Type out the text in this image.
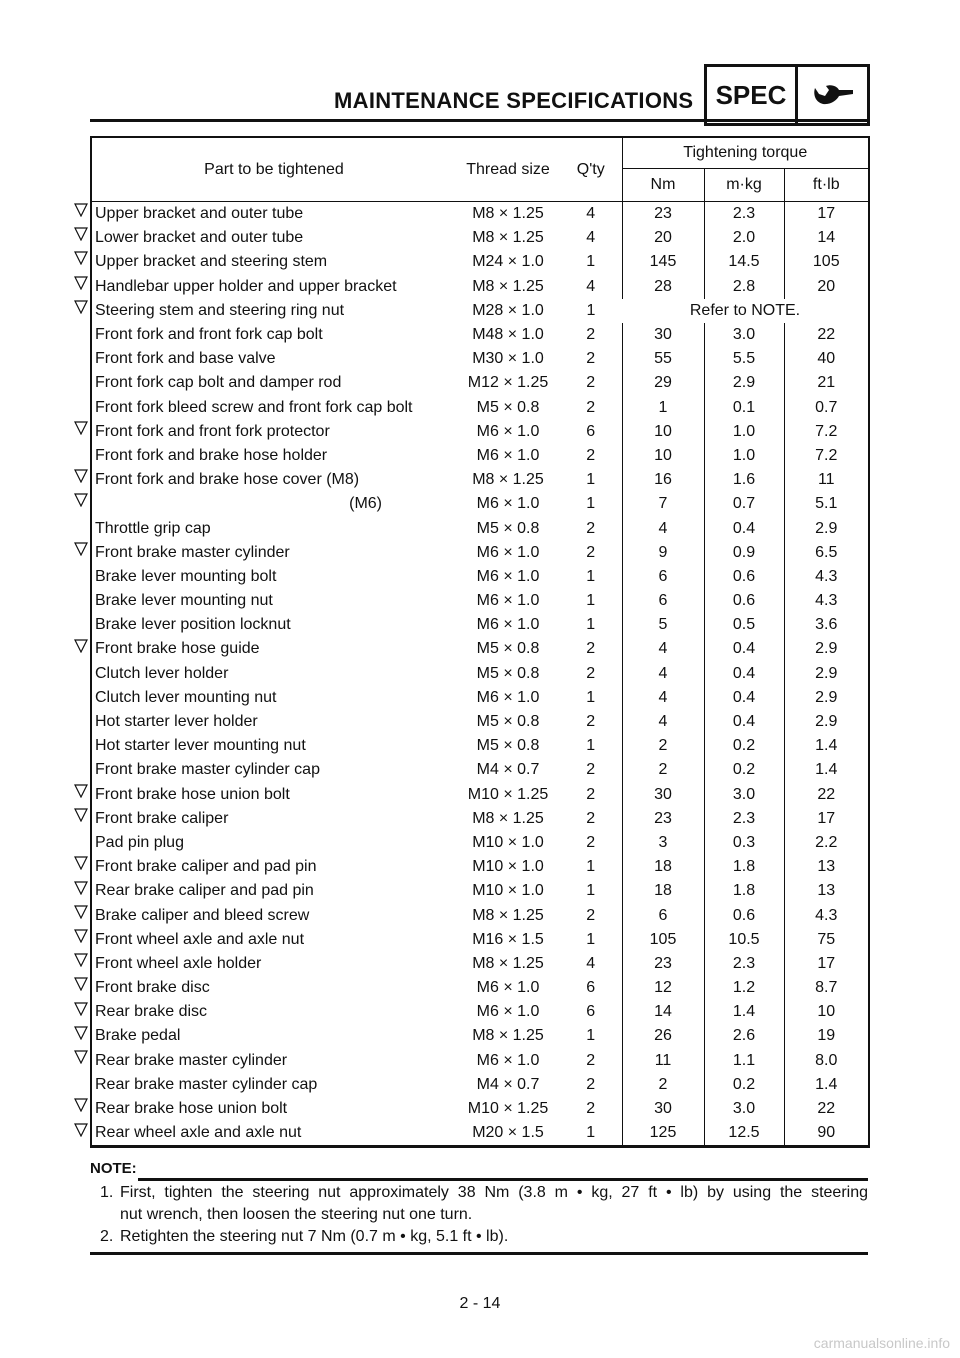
MAINTENANCE SPECIFICATIONS SPEC
Part to be tightened	Thread size	Q'ty	Tightening torque		
			Nm	m·kg	ft·lb
Upper bracket and outer tube	M8 × 1.25	4	23	2.3	17
Lower bracket and outer tube	M8 × 1.25	4	20	2.0	14
Upper bracket and steering stem	M24 × 1.0	1	145	14.5	105
Handlebar upper holder and upper bracket	M8 × 1.25	4	28	2.8	20
Steering stem and steering ring nut	M28 × 1.0	1	Refer to NOTE.		
Front fork and front fork cap bolt	M48 × 1.0	2	30	3.0	22
Front fork and base valve	M30 × 1.0	2	55	5.5	40
Front fork cap bolt and damper rod	M12 × 1.25	2	29	2.9	21
Front fork bleed screw and front fork cap bolt	M5 × 0.8	2	1	0.1	0.7
Front fork and front fork protector	M6 × 1.0	6	10	1.0	7.2
Front fork and brake hose holder	M6 × 1.0	2	10	1.0	7.2
Front fork and brake hose cover (M8)	M8 × 1.25	1	16	1.6	11

(M6)	M6 × 1.0	1	7	0.7	5.1
Throttle grip cap	M5 × 0.8	2	4	0.4	2.9
Front brake master cylinder	M6 × 1.0	2	9	0.9	6.5
Brake lever mounting bolt	M6 × 1.0	1	6	0.6	4.3
Brake lever mounting nut	M6 × 1.0	1	6	0.6	4.3
Brake lever position locknut	M6 × 1.0	1	5	0.5	3.6
Front brake hose guide	M5 × 0.8	2	4	0.4	2.9
Clutch lever holder	M5 × 0.8	2	4	0.4	2.9
Clutch lever mounting nut	M6 × 1.0	1	4	0.4	2.9
Hot starter lever holder	M5 × 0.8	2	4	0.4	2.9
Hot starter lever mounting nut	M5 × 0.8	1	2	0.2	1.4
Front brake master cylinder cap	M4 × 0.7	2	2	0.2	1.4
Front brake hose union bolt	M10 × 1.25	2	30	3.0	22
Front brake caliper	M8 × 1.25	2	23	2.3	17
Pad pin plug	M10 × 1.0	2	3	0.3	2.2
Front brake caliper and pad pin	M10 × 1.0	1	18	1.8	13
Rear brake caliper and pad pin	M10 × 1.0	1	18	1.8	13
Brake caliper and bleed screw	M8 × 1.25	2	6	0.6	4.3
Front wheel axle and axle nut	M16 × 1.5	1	105	10.5	75
Front wheel axle holder	M8 × 1.25	4	23	2.3	17
Front brake disc	M6 × 1.0	6	12	1.2	8.7
Rear brake disc	M6 × 1.0	6	14	1.4	10
Brake pedal	M8 × 1.25	1	26	2.6	19
Rear brake master cylinder	M6 × 1.0	2	11	1.1	8.0
Rear brake master cylinder cap	M4 × 0.7	2	2	0.2	1.4
Rear brake hose union bolt	M10 × 1.25	2	30	3.0	22
Rear wheel axle and axle nut	M20 × 1.5	1	125	12.5	90
NOTE:
1. First, tighten the steering nut approximately 38 Nm (3.8 m • kg, 27 ft • lb) by using the steering
nut wrench, then loosen the steering nut one turn.
2. Retighten the steering nut 7 Nm (0.7 m • kg, 5.1 ft • lb).
2 - 14
carmanualsonline.info
